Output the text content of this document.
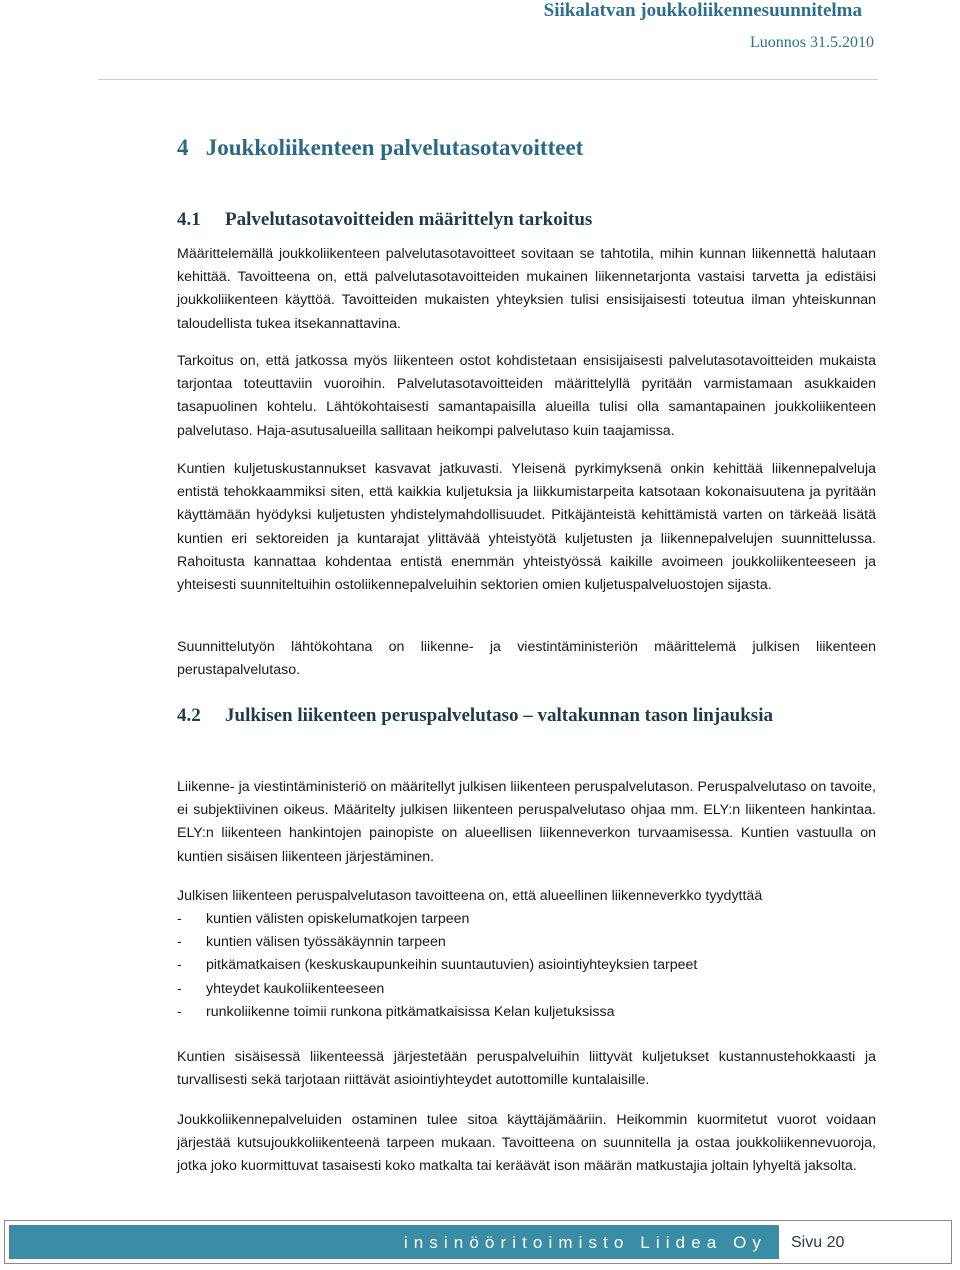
Siikalatvan joukkoliikennesuunnitelma
Luonnos 31.5.2010
4 Joukkoliikenteen palvelutasotavoitteet
4.1 Palvelutasotavoitteiden määrittelyn tarkoitus

Määrittelemällä joukkoliikenteen palvelutasotavoitteet sovitaan se tahtotila, mihin kunnan liikennettä halutaan kehittää. Tavoitteena on, että palvelutasotavoitteiden mukainen liikennetarjonta vastaisi tarvetta ja edistäisi joukkoliikenteen käyttöä. Tavoitteiden mukaisten yhteyksien tulisi ensisijaisesti toteutua ilman yhteiskunnan taloudellista tukea itsekannattavina.

Tarkoitus on, että jatkossa myös liikenteen ostot kohdistetaan ensisijaisesti palvelutasotavoitteiden mukaista tarjontaa toteuttaviin vuoroihin. Palvelutasotavoitteiden määrittelyllä pyritään varmistamaan asukkaiden tasapuolinen kohtelu. Lähtökohtaisesti samantapaisilla alueilla tulisi olla samantapainen joukkoliikenteen palvelutaso. Haja-asutusalueilla sallitaan heikompi palvelutaso kuin taajamissa.

Kuntien kuljetuskustannukset kasvavat jatkuvasti. Yleisenä pyrkimyksenä onkin kehittää liikennepalveluja entistä tehokkaammiksi siten, että kaikkia kuljetuksia ja liikkumistarpeita katsotaan kokonaisuutena ja pyritään käyttämään hyödyksi kuljetusten yhdistelymahdollisuudet. Pitkäjänteistä kehittämistä varten on tärkeää lisätä kuntien eri sektoreiden ja kuntarajat ylittävää yhteistyötä kuljetusten ja liikennepalvelujen suunnittelussa. Rahoitusta kannattaa kohdentaa entistä enemmän yhteistyössä kaikille avoimeen joukkoliikenteeseen ja yhteisesti suunniteltuihin ostoliikennepalveluihin sektorien omien kuljetuspalveluostojen sijasta.

Suunnittelutyön lähtökohtana on liikenne- ja viestintäministeriön määrittelemä julkisen liikenteen perustapalvelutaso.

4.2 Julkisen liikenteen peruspalvelutaso – valtakunnan tason linjauksia

Liikenne- ja viestintäministeriö on määritellyt julkisen liikenteen peruspalvelutason. Peruspalvelutaso on tavoite, ei subjektiivinen oikeus. Määritelty julkisen liikenteen peruspalvelutaso ohjaa mm. ELY:n liikenteen hankintaa. ELY:n liikenteen hankintojen painopiste on alueellisen liikenneverkon turvaamisessa. Kuntien vastuulla on kuntien sisäisen liikenteen järjestäminen.

Julkisen liikenteen peruspalvelutason tavoitteena on, että alueellinen liikenneverkko tyydyttää

- kuntien välisten opiskelumatkojen tarpeen
- kuntien välisen työssäkäynnin tarpeen
- pitkämatkaisen (keskuskaupunkeihin suuntautuvien) asiointiyhteyksien tarpeet
- yhteydet kaukoliikenteeseen
- runkoliikenne toimii runkona pitkämatkaisissa Kelan kuljetuksissa

Kuntien sisäisessä liikenteessä järjestetään peruspalveluihin liittyvät kuljetukset kustannustehokkaasti ja turvallisesti sekä tarjotaan riittävät asiointiyhteydet autottomille kuntalaisille.

Joukkoliikennepalveluiden ostaminen tulee sitoa käyttäjämääriin. Heikommin kuormitetut vuorot voidaan järjestää kutsujoukkoliikenteenä tarpeen mukaan. Tavoitteena on suunnitella ja ostaa joukkoliikennevuoroja, jotka joko kuormittuvat tasaisesti koko matkalta tai keräävät ison määrän matkustajia joltain lyhyeltä jaksolta.

insinööritoimisto Liidea Oy	Sivu 20
